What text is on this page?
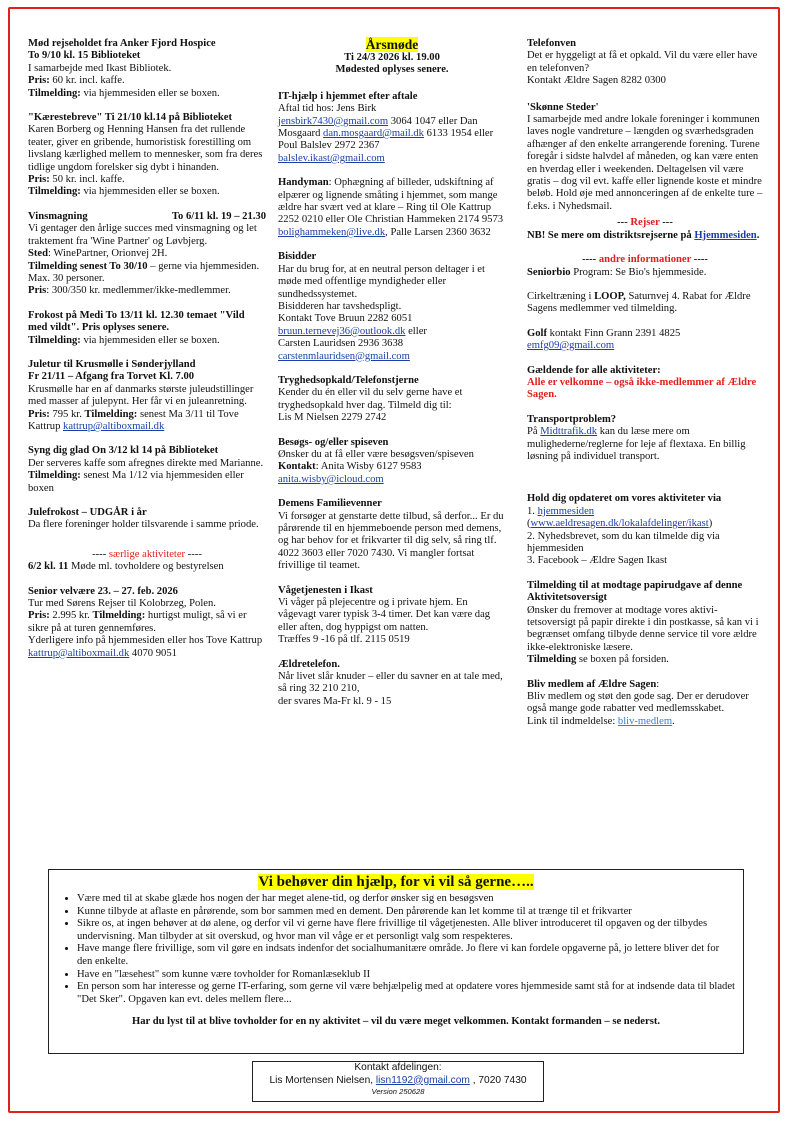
Mød rejseholdet fra Anker Fjord Hospice
To 9/10 kl. 15 Biblioteket
I samarbejde med Ikast Bibliotek.
Pris: 60 kr. incl. kaffe.
Tilmelding: via hjemmesiden eller se boxen.
"Kærestebreve" Ti 21/10 kl.14 på Biblioteket
Karen Borberg og Henning Hansen fra det rullende teater, giver en gribende, humoristisk forestilling om livslang kærlighed mellem to mennesker, som fra deres tidlige ungdom forelsker sig dybt i hinanden.
Pris: 50 kr. incl. kaffe.
Tilmelding: via hjemmesiden eller se boxen.
Vinsmagning	To 6/11 kl. 19 – 21.30
Vi gentager den årlige succes med vinsmagning og let traktement fra 'Wine Partner' og Løvbjerg.
Sted: WinePartner, Orionvej 2H.
Tilmelding senest To 30/10 – gerne via hjemmesiden. Max. 30 personer.
Pris: 300/350 kr. medlemmer/ikke-medlemmer.
Frokost på Medi To 13/11 kl. 12.30 temaet "Vild med vildt". Pris oplyses senere.
Tilmelding: via hjemmesiden eller se boxen.
Juletur til Krusmølle i Sønderjylland
Fr 21/11 – Afgang fra Torvet Kl. 7.00
Krusmølle har en af danmarks største juleudstillinger med masser af julepynt. Her får vi en juleanretning.
Pris: 795 kr. Tilmelding: senest Ma 3/11 til Tove Kattrup kattrup@altiboxmail.dk
Syng dig glad On 3/12 kl 14 på Biblioteket
Der serveres kaffe som afregnes direkte med Marianne.
Tilmelding: senest Ma 1/12 via hjemmesiden eller boxen
Julefrokost – UDGÅR i år
Da flere foreninger holder tilsvarende i samme priode.
---- særlige aktiviteter ----
6/2 kl. 11 Møde ml. tovholdere og bestyrelsen
Senior velvære 23. – 27. feb. 2026
Tur med Sørens Rejser til Kolobrzeg, Polen.
Pris: 2.995 kr. Tilmelding: hurtigst muligt, så vi er sikre på at turen gennemføres.
Yderligere info på hjemmesiden eller hos Tove Kattrup kattrup@altiboxmail.dk 4070 9051
Årsmøde
Ti 24/3 2026 kl. 19.00
Mødested oplyses senere.
IT-hjælp i hjemmet efter aftale
Aftal tid hos: Jens Birk
jensbirk7430@gmail.com 3064 1047 eller Dan Mosgaard dan.mosgaard@mail.dk 6133 1954 eller Poul Balslev 2972 2367
balslev.ikast@gmail.com
Handyman: Ophægning af billeder, udskiftning af elpærer og lignende småting i hjemmet, som mange ældre har svært ved at klare – Ring til Ole Kattrup 2252 0210 eller Ole Christian Hammeken 2174 9573 bolighammeken@live.dk, Palle Larsen 2360 3632
Bisidder
Har du brug for, at en neutral person deltager i et møde med offentlige myndigheder eller sundhedssystemet.
Bisidderen har tavshedspligt.
Kontakt Tove Bruun 2282 6051
bruun.ternevej36@outlook.dk eller
Carsten Lauridsen 2936 3638
carstenmlauridsen@gmail.com
Tryghedsopkald/Telefonstjerne
Kender du én eller vil du selv gerne have et tryghedsopkald hver dag. Tilmeld dig til:
Lis M Nielsen 2279 2742
Besøgs- og/eller spiseven
Ønsker du at få eller være besøgsven/spiseven
Kontakt: Anita Wisby 6127 9583
anita.wisby@icloud.com
Demens Familievenner
Vi forsøger at genstarte dette tilbud, så derfor... Er du pårørende til en hjemmeboende person med demens, og har behov for et frikvarter til dig selv, så ring tlf. 4022 3603 eller 7020 7430. Vi mangler fortsat frivillige til teamet.
Vågetjenesten i Ikast
Vi våger på plejecentre og i private hjem. En vågevagt varer typisk 3-4 timer. Det kan være dag eller aften, dog hyppigst om natten.
Træffes 9 -16 på tlf. 2115 0519
Ældretelefon.
Når livet slår knuder – eller du savner en at tale med, så ring 32 210 210,
der svares Ma-Fr kl. 9 - 15
Telefonven
Det er hyggeligt at få et opkald. Vil du være eller have en telefonven?
Kontakt Ældre Sagen 8282 0300
'Skønne Steder'
I samarbejde med andre lokale foreninger i kommunen laves nogle vandreture – længden og sværhedsgraden afhænger af den enkelte arrangerende forening. Turene foregår i sidste halvdel af måneden, og kan være enten en hverdag eller i weekenden. Deltagelsen vil være gratis – dog vil evt. kaffe eller lignende koste et mindre beløb. Hold øje med annonceringen af de enkelte ture – f.eks. i Nyhedsmail.
--- Rejser ---
NB! Se mere om distriktsrejserne på Hjemmesiden.
---- andre informationer ----
Seniorbio Program: Se Bio's hjemmeside.
Cirkeltræning i LOOP, Saturnvej 4. Rabat for Ældre Sagens medlemmer ved tilmelding.
Golf kontakt Finn Grann 2391 4825
emfg09@gmail.com
Gældende for alle aktiviteter:
Alle er velkomne – også ikke-medlemmer af Ældre Sagen.
Transportproblem?
På Midttrafik.dk kan du læse mere om mulighederne/reglerne for leje af flextaxa. En billig løsning på individuel transport.
Hold dig opdateret om vores aktiviteter via
1. hjemmesiden
(www.aeldresagen.dk/lokalafdelinger/ikast)
2. Nyhedsbrevet, som du kan tilmelde dig via hjemmesiden
3. Facebook – Ældre Sagen Ikast
Tilmelding til at modtage papirudgave af denne Aktivitetsoversigt
Ønsker du fremover at modtage vores aktivi-tetsoversigt på papir direkte i din postkasse, så kan vi i begrænset omfang tilbyde denne service til vore ældre ikke-elektroniske læsere.
Tilmelding se boxen på forsiden.
Bliv medlem af Ældre Sagen:
Bliv medlem og støt den gode sag. Der er derudover også mange gode rabatter ved medlemsskabet.
Link til indmeldelse: bliv-medlem.
Vi behøver din hjælp, for vi vil så gerne…..
• Være med til at skabe glæde hos nogen der har meget alene-tid, og derfor ønsker sig en besøgsven
• Kunne tilbyde at aflaste en pårørende, som bor sammen med en dement. Den pårørende kan let komme til at trænge til et frikvarter
• Sikre os, at ingen behøver at dø alene, og derfor vil vi gerne have flere frivillige til vågetjenesten. Alle bliver introduceret til opgaven og der tilbydes undervisning. Man tilbyder at sit overskud, og hvor man vil våge er et personligt valg som respekteres.
• Have mange flere frivillige, som vil gøre en indsats indenfor det socialhumanitære område. Jo flere vi kan fordele opgaverne på, jo lettere bliver det for den enkelte.
• Have en "læsehest" som kunne være tovholder for Romanlæseklub II
• En person som har interesse og gerne IT-erfaring, som gerne vil være behjælpelig med at opdatere vores hjemmeside samt stå for at indsende data til bladet "Det Sker". Opgaven kan evt. deles mellem flere...
Har du lyst til at blive tovholder for en ny aktivitet – vil du være meget velkommen. Kontakt formanden – se nederst.
Kontakt afdelingen:
Lis Mortensen Nielsen, lisn1192@gmail.com , 7020 7430
Version 250628
